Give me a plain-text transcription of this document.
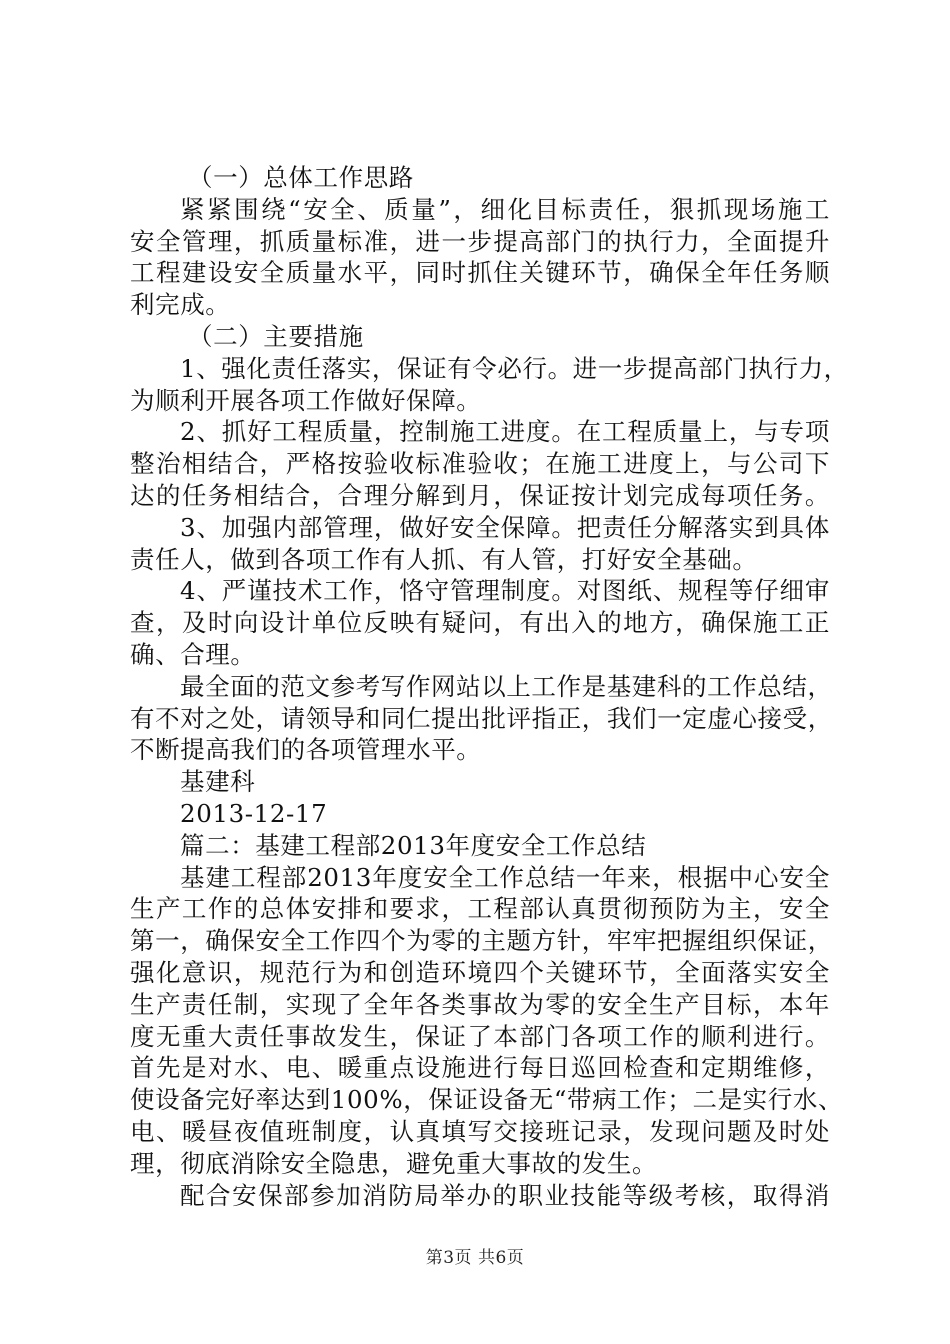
（一）总体工作思路
紧紧围绕“安全、质量”，细化目标责任，狠抓现场施工
安全管理，抓质量标准，进一步提高部门的执行力，全面提升
工程建设安全质量水平，同时抓住关键环节，确保全年任务顺
利完成。
（二）主要措施
1、强化责任落实，保证有令必行。进一步提高部门执行力，
为顺利开展各项工作做好保障。
2、抓好工程质量，控制施工进度。在工程质量上，与专项
整治相结合，严格按验收标准验收；在施工进度上，与公司下
达的任务相结合，合理分解到月，保证按计划完成每项任务。
3、加强内部管理，做好安全保障。把责任分解落实到具体
责任人，做到各项工作有人抓、有人管，打好安全基础。
4、严谨技术工作，恪守管理制度。对图纸、规程等仔细审
查，及时向设计单位反映有疑问，有出入的地方，确保施工正
确、合理。
最全面的范文参考写作网站以上工作是基建科的工作总结，
有不对之处，请领导和同仁提出批评指正，我们一定虚心接受，
不断提高我们的各项管理水平。
基建科
2013-12-17
篇二：基建工程部2013年度安全工作总结
基建工程部2013年度安全工作总结一年来，根据中心安全
生产工作的总体安排和要求，工程部认真贯彻预防为主，安全
第一，确保安全工作四个为零的主题方针，牢牢把握组织保证，
强化意识，规范行为和创造环境四个关键环节，全面落实安全
生产责任制，实现了全年各类事故为零的安全生产目标，本年
度无重大责任事故发生，保证了本部门各项工作的顺利进行。
首先是对水、电、暖重点设施进行每日巡回检查和定期维修，
使设备完好率达到100%，保证设备无“带病工作；二是实行水、
电、暖昼夜值班制度，认真填写交接班记录，发现问题及时处
理，彻底消除安全隐患，避免重大事故的发生。
配合安保部参加消防局举办的职业技能等级考核，取得消
第3页 共6页
